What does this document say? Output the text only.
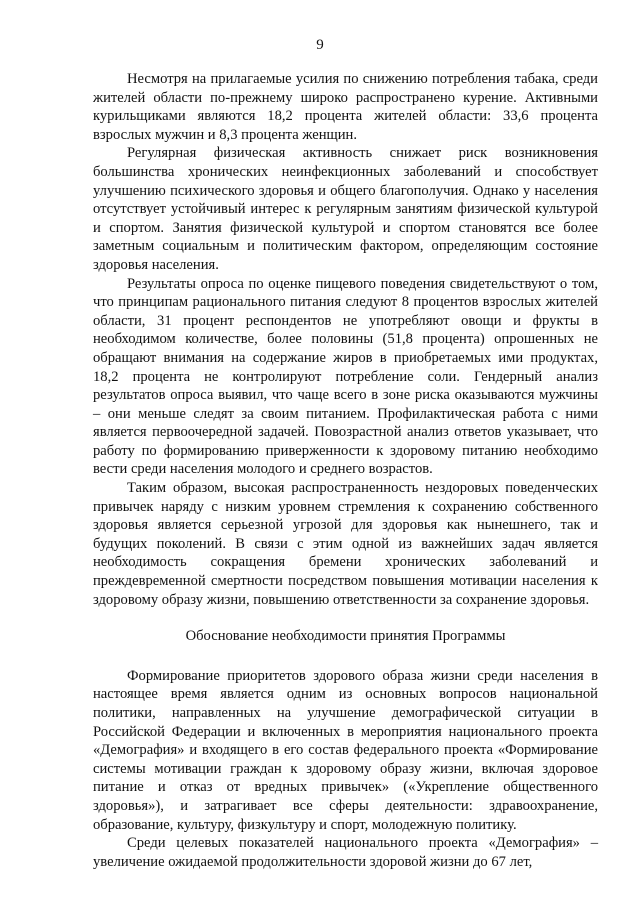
9

Несмотря на прилагаемые усилия по снижению потребления табака, среди жителей области по-прежнему широко распространено курение. Активными курильщиками являются 18,2 процента жителей области: 33,6 процента взрослых мужчин и 8,3 процента женщин.

Регулярная физическая активность снижает риск возникновения большинства хронических неинфекционных заболеваний и способствует улучшению психического здоровья и общего благополучия. Однако у населения отсутствует устойчивый интерес к регулярным занятиям физической культурой и спортом. Занятия физической культурой и спортом становятся все более заметным социальным и политическим фактором, определяющим состояние здоровья населения.

Результаты опроса по оценке пищевого поведения свидетельствуют о том, что принципам рационального питания следуют 8 процентов взрослых жителей области, 31 процент респондентов не употребляют овощи и фрукты в необходимом количестве, более половины (51,8 процента) опрошенных не обращают внимания на содержание жиров в приобретаемых ими продуктах, 18,2 процента не контролируют потребление соли. Гендерный анализ результатов опроса выявил, что чаще всего в зоне риска оказываются мужчины – они меньше следят за своим питанием. Профилактическая работа с ними является первоочередной задачей. Повозрастной анализ ответов указывает, что работу по формированию приверженности к здоровому питанию необходимо вести среди населения молодого и среднего возрастов.

Таким образом, высокая распространенность нездоровых поведенческих привычек наряду с низким уровнем стремления к сохранению собственного здоровья является серьезной угрозой для здоровья как нынешнего, так и будущих поколений. В связи с этим одной из важнейших задач является необходимость сокращения бремени хронических заболеваний и преждевременной смертности посредством повышения мотивации населения к здоровому образу жизни, повышению ответственности за сохранение здоровья.

Обоснование необходимости принятия Программы

Формирование приоритетов здорового образа жизни среди населения в настоящее время является одним из основных вопросов национальной политики, направленных на улучшение демографической ситуации в Российской Федерации и включенных в мероприятия национального проекта «Демография» и входящего в его состав федерального проекта «Формирование системы мотивации граждан к здоровому образу жизни, включая здоровое питание и отказ от вредных привычек» («Укрепление общественного здоровья»), и затрагивает все сферы деятельности: здравоохранение, образование, культуру, физкультуру и спорт, молодежную политику.

Среди целевых показателей национального проекта «Демография» – увеличение ожидаемой продолжительности здоровой жизни до 67 лет,
